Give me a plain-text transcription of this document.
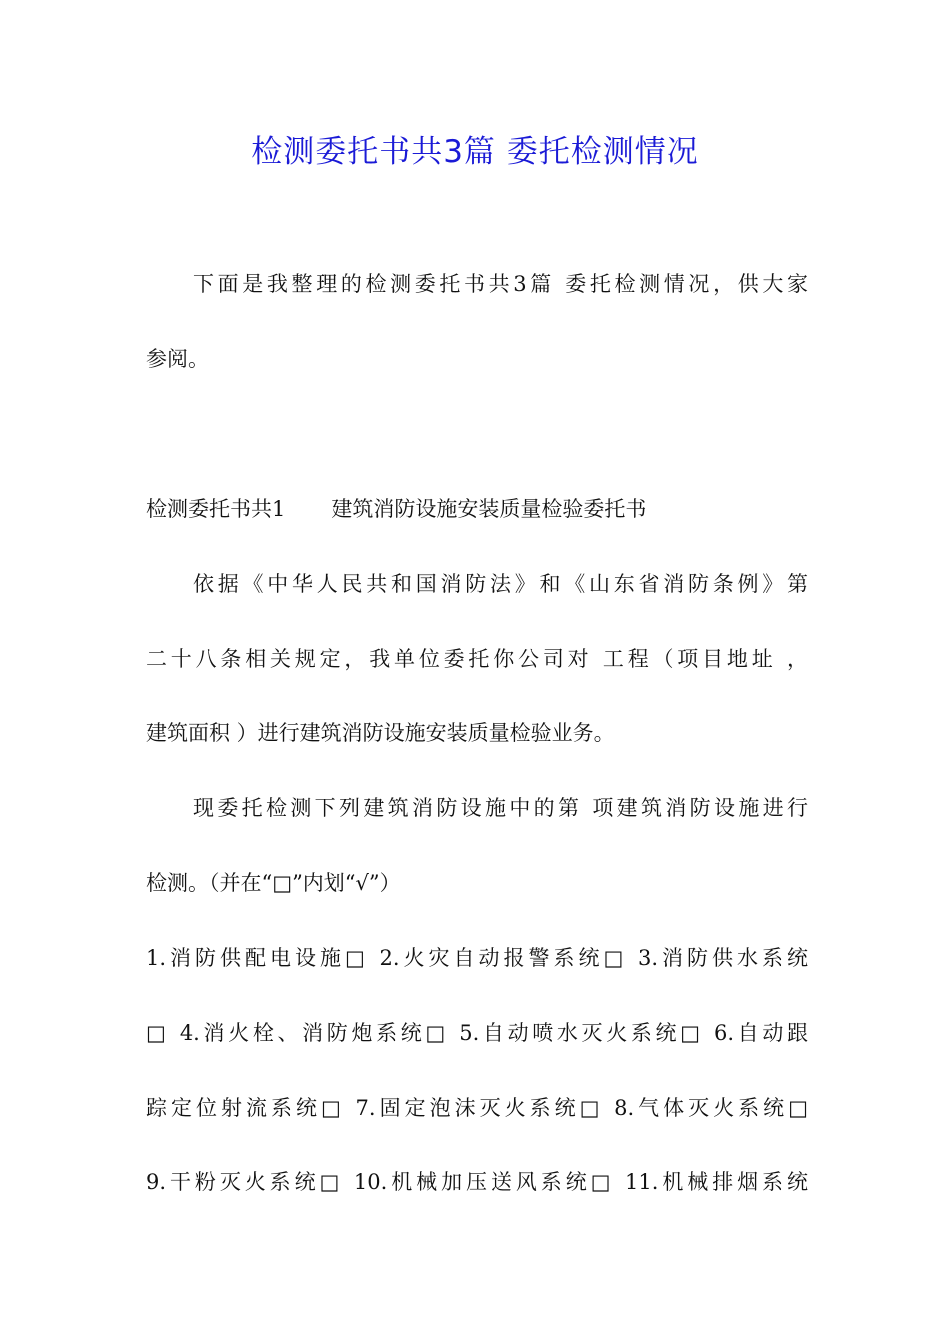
检测委托书共3篇 委托检测情况
下面是我整理的检测委托书共3篇 委托检测情况，供大家
参阅。
检测委托书共1 建筑消防设施安装质量检验委托书
依据《中华人民共和国消防法》和《山东省消防条例》第
二十八条相关规定，我单位委托你公司对 工程（项目地址 ，
建筑面积 ）进行建筑消防设施安装质量检验业务。
现委托检测下列建筑消防设施中的第 项建筑消防设施进行
检测。（并在“□”内划“√”）
1.消防供配电设施□ 2.火灾自动报警系统□ 3.消防供水系统
□ 4.消火栓、消防炮系统□ 5.自动喷水灭火系统□ 6.自动跟
踪定位射流系统□ 7.固定泡沫灭火系统□ 8.气体灭火系统□
9.干粉灭火系统□ 10.机械加压送风系统□ 11.机械排烟系统
